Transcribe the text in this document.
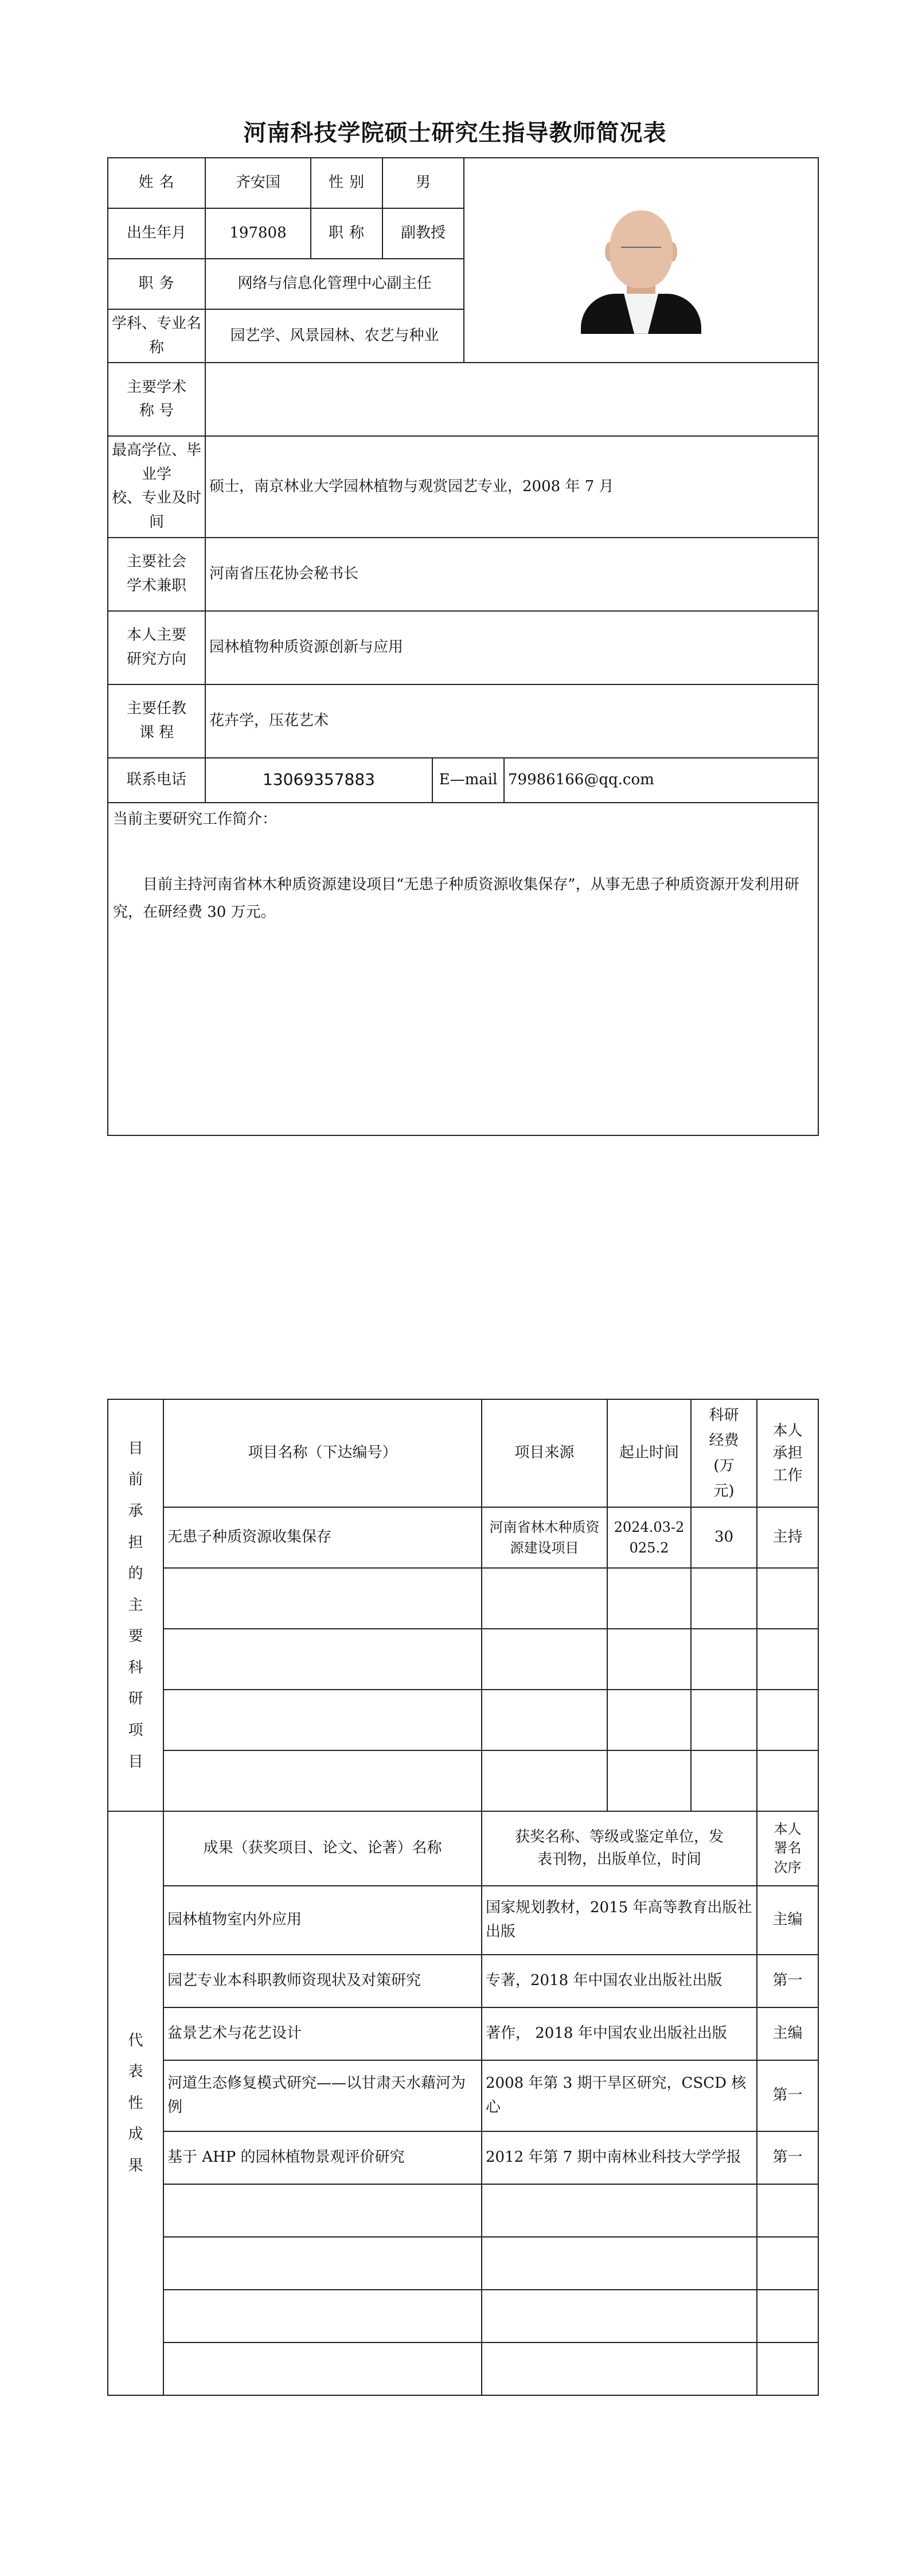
河南科技学院硕士研究生指导教师简况表
姓 名	齐安国	性 别	男			

出生年月	197808	职 称	副教授			
职 务	网络与信息化管理中心副主任					
学科、专业名称	园艺学、风景园林、农艺与种业					

主要学术
称 号						

最高学位、毕业学
校、专业及时间	硕士，南京林业大学园林植物与观赏园艺专业，2008 年 7 月					

主要社会
学术兼职	河南省压花协会秘书长					

本人主要
研究方向	园林植物种质资源创新与应用					

主要任教
课 程	花卉学，压花艺术					
联系电话	13069357883			E—mail		79986166@qq.com

当前主要研究工作简介：
目前主持河南省林木种质资源建设项目“无患子种质资源收集保存”，从事无患子种质资源开发利用研究，在研经费 30 万元。						
目前承担的主要科研项目	项目名称（下达编号）	项目来源	起止时间	科研经费(万元)	本人承担工作
	无患子种质资源收集保存	河南省林木种质资源建设项目	2024.03-2025.2	30	主持

代表性成果	成果（获奖项目、论文、论著）名称	获奖名称、等级或鉴定单位，发表刊物，出版单位，时间	本人署名次序
	园林植物室内外应用	国家规划教材，2015 年高等教育出版社出版	主编
	园艺专业本科职教师资现状及对策研究	专著，2018 年中国农业出版社出版	第一
	盆景艺术与花艺设计	著作， 2018 年中国农业出版社出版	主编
	河道生态修复模式研究——以甘肃天水藉河为例	2008 年第 3 期干旱区研究，CSCD 核心	第一
	基于 AHP 的园林植物景观评价研究	2012 年第 7 期中南林业科技大学学报	第一
